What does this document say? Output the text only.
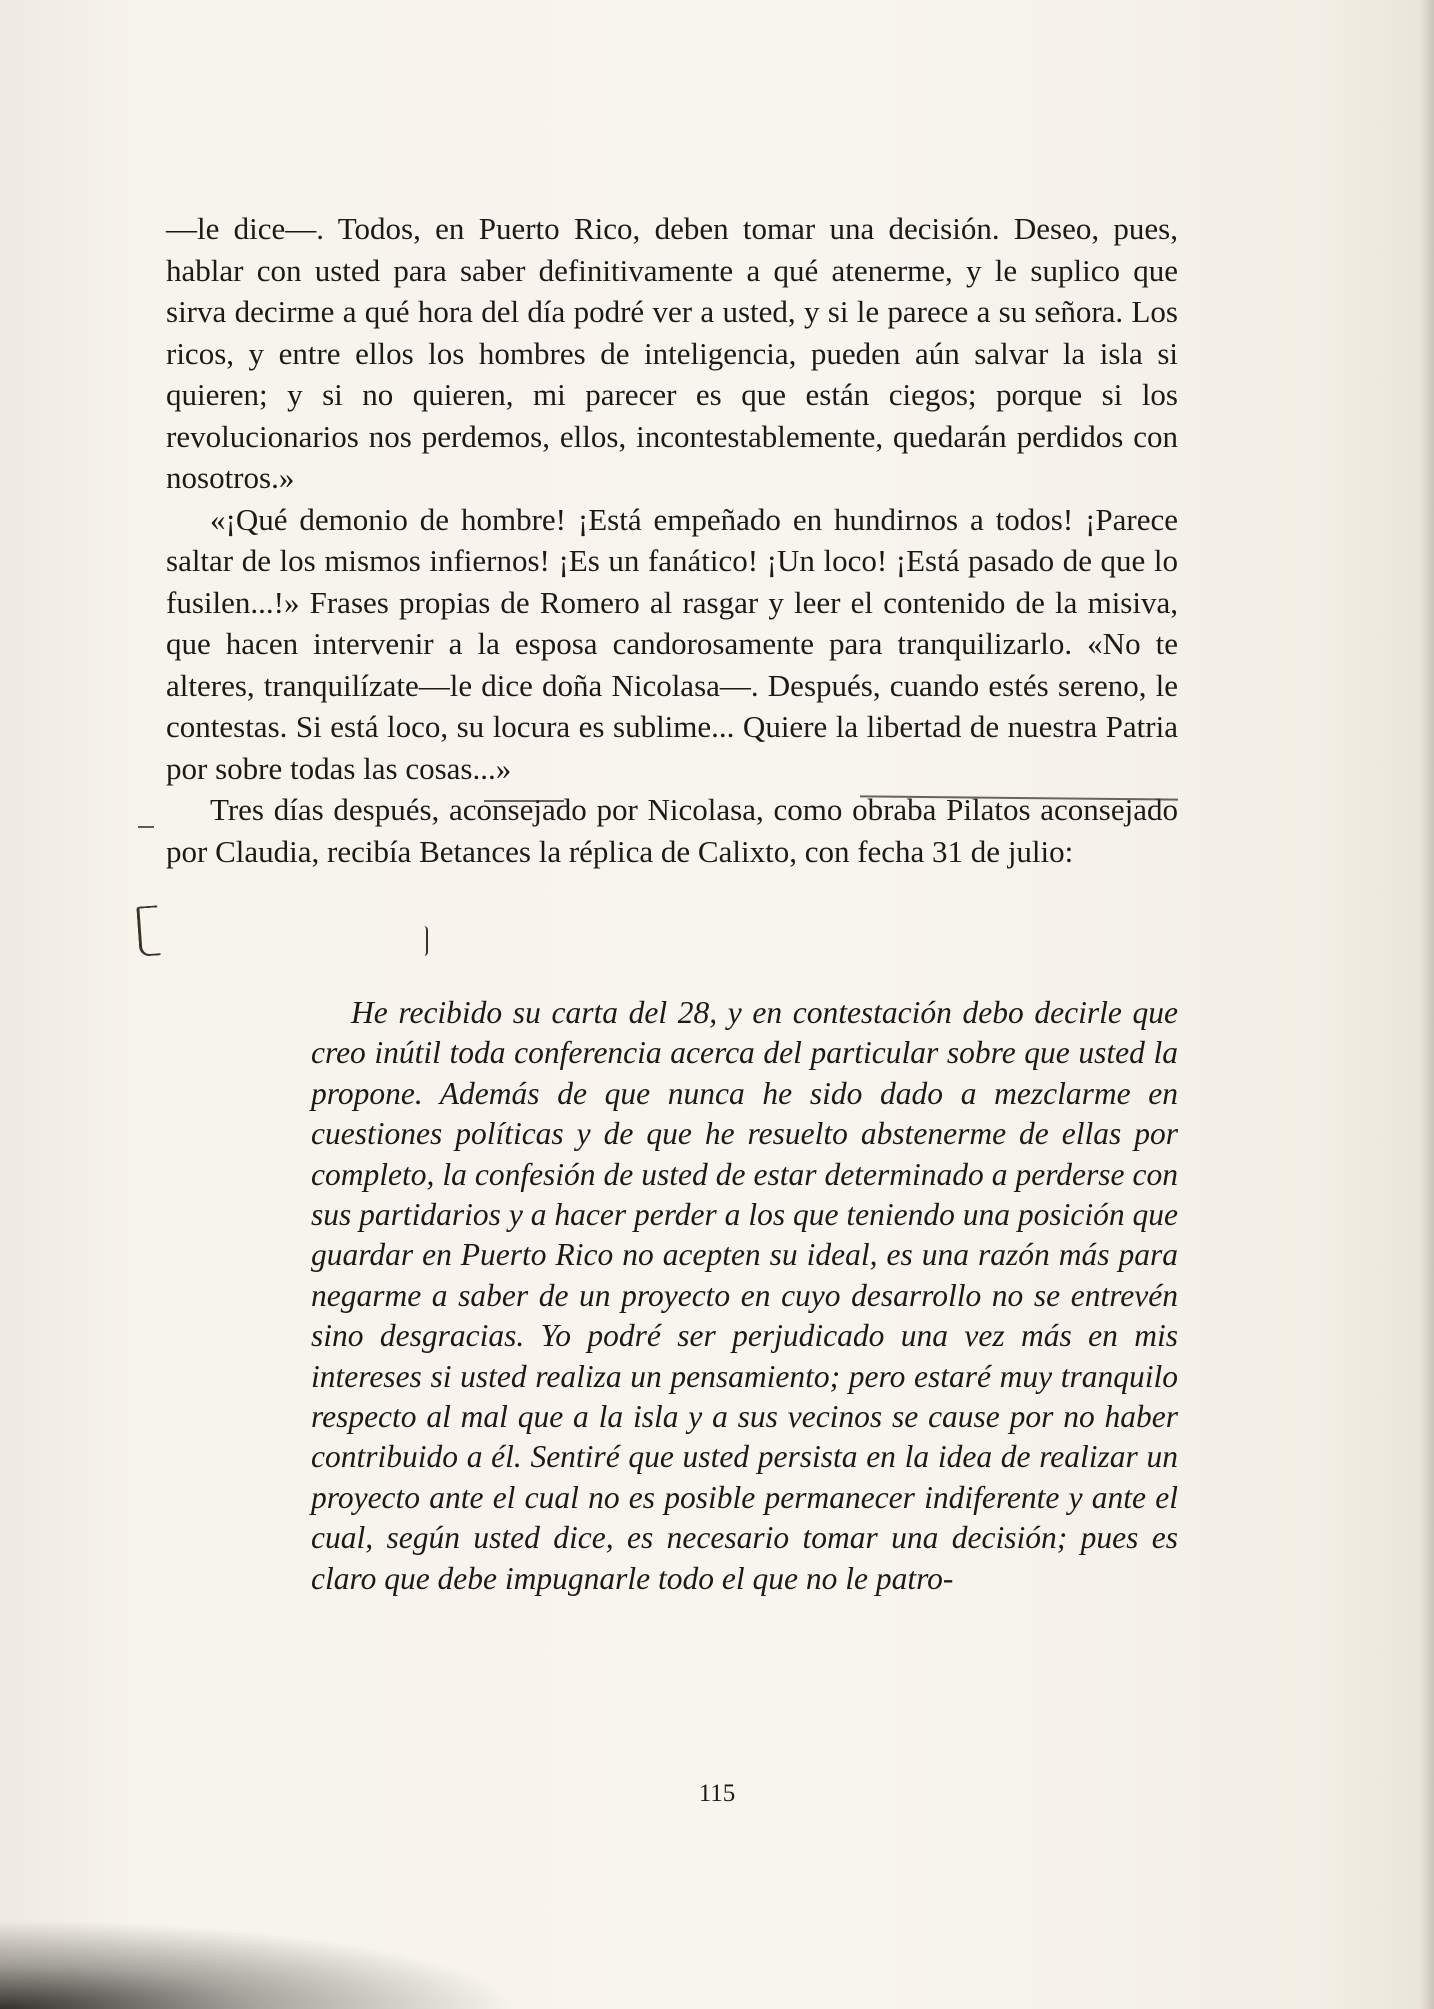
—le dice—. Todos, en Puerto Rico, deben tomar una decisión. Deseo, pues, hablar con usted para saber definitivamente a qué atenerme, y le suplico que sirva decirme a qué hora del día podré ver a usted, y si le parece a su señora. Los ricos, y entre ellos los hombres de inteligencia, pueden aún salvar la isla si quieren; y si no quieren, mi parecer es que están ciegos; porque si los revolucionarios nos perdemos, ellos, incontestablemente, quedarán perdidos con nosotros.»

«¡Qué demonio de hombre! ¡Está empeñado en hundirnos a todos! ¡Parece saltar de los mismos infiernos! ¡Es un fanático! ¡Un loco! ¡Está pasado de que lo fusilen...!» Frases propias de Romero al rasgar y leer el contenido de la misiva, que hacen intervenir a la esposa candorosamente para tranquilizarlo. «No te alteres, tranquilízate—le dice doña Nicolasa—. Después, cuando estés sereno, le contestas. Si está loco, su locura es sublime... Quiere la libertad de nuestra Patria por sobre todas las cosas...»

Tres días después, aconsejado por Nicolasa, como obraba Pilatos aconsejado por Claudia, recibía Betances la réplica de Calixto, con fecha 31 de julio:

He recibido su carta del 28, y en contestación debo decirle que creo inútil toda conferencia acerca del particular sobre que usted la propone. Además de que nunca he sido dado a mezclarme en cuestiones políticas y de que he resuelto abstenerme de ellas por completo, la confesión de usted de estar determinado a perderse con sus partidarios y a hacer perder a los que teniendo una posición que guardar en Puerto Rico no acepten su ideal, es una razón más para negarme a saber de un proyecto en cuyo desarrollo no se entrevén sino desgracias. Yo podré ser perjudicado una vez más en mis intereses si usted realiza un pensamiento; pero estaré muy tranquilo respecto al mal que a la isla y a sus vecinos se cause por no haber contribuido a él. Sentiré que usted persista en la idea de realizar un proyecto ante el cual no es posible permanecer indiferente y ante el cual, según usted dice, es necesario tomar una decisión; pues es claro que debe impugnarle todo el que no le patro-

115
